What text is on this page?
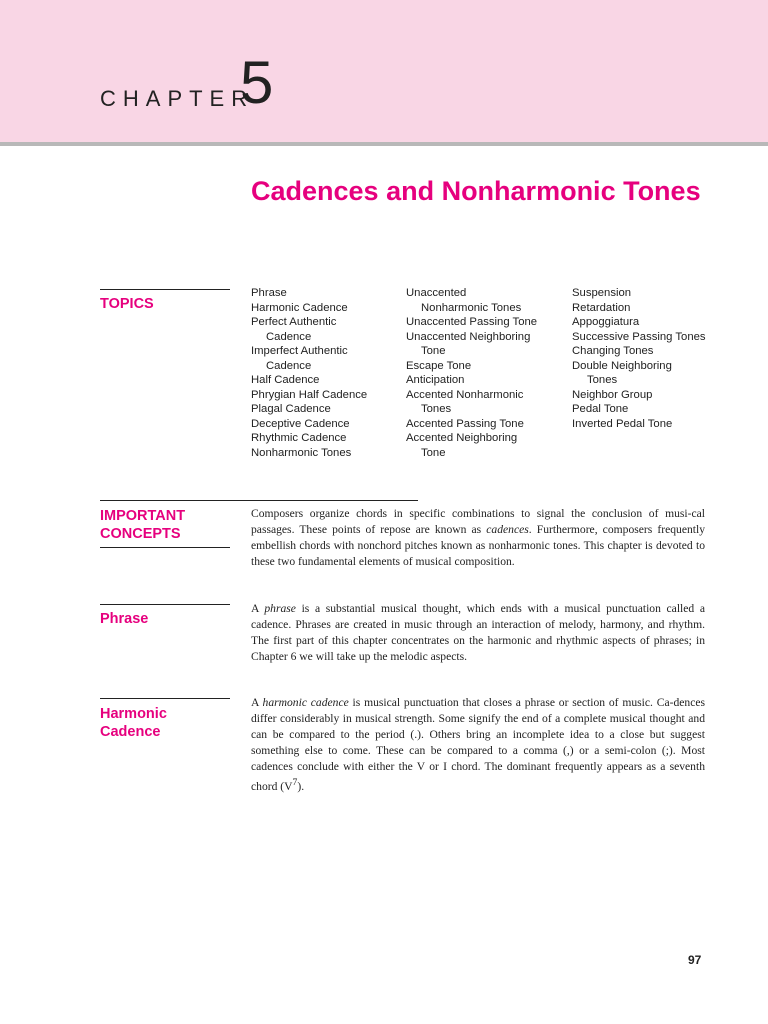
CHAPTER
5
Cadences and Nonharmonic Tones
TOPICS
Phrase
Harmonic Cadence
Perfect Authentic
Cadence
Imperfect Authentic
Cadence
Half Cadence
Phrygian Half Cadence
Plagal Cadence
Deceptive Cadence
Rhythmic Cadence
Nonharmonic Tones
Unaccented
Nonharmonic Tones
Unaccented Passing Tone
Unaccented Neighboring
Tone
Escape Tone
Anticipation
Accented Nonharmonic
Tones
Accented Passing Tone
Accented Neighboring
Tone
Suspension
Retardation
Appoggiatura
Successive Passing Tones
Changing Tones
Double Neighboring
Tones
Neighbor Group
Pedal Tone
Inverted Pedal Tone
IMPORTANT
CONCEPTS

Composers organize chords in specific combinations to signal the conclusion of musi-cal passages. These points of repose are known as cadences. Furthermore, composers frequently embellish chords with nonchord pitches known as nonharmonic tones. This chapter is devoted to these two fundamental elements of musical composition.

Phrase

A phrase is a substantial musical thought, which ends with a musical punctuation called a cadence. Phrases are created in music through an interaction of melody, harmony, and rhythm. The first part of this chapter concentrates on the harmonic and rhythmic aspects of phrases; in Chapter 6 we will take up the melodic aspects.

Harmonic Cadence

A harmonic cadence is musical punctuation that closes a phrase or section of music. Ca-dences differ considerably in musical strength. Some signify the end of a complete musical thought and can be compared to the period (.). Others bring an incomplete idea to a close but suggest something else to come. These can be compared to a comma (,) or a semi-colon (;). Most cadences conclude with either the V or I chord. The dominant frequently appears as a seventh chord $(V^7)$.

97
